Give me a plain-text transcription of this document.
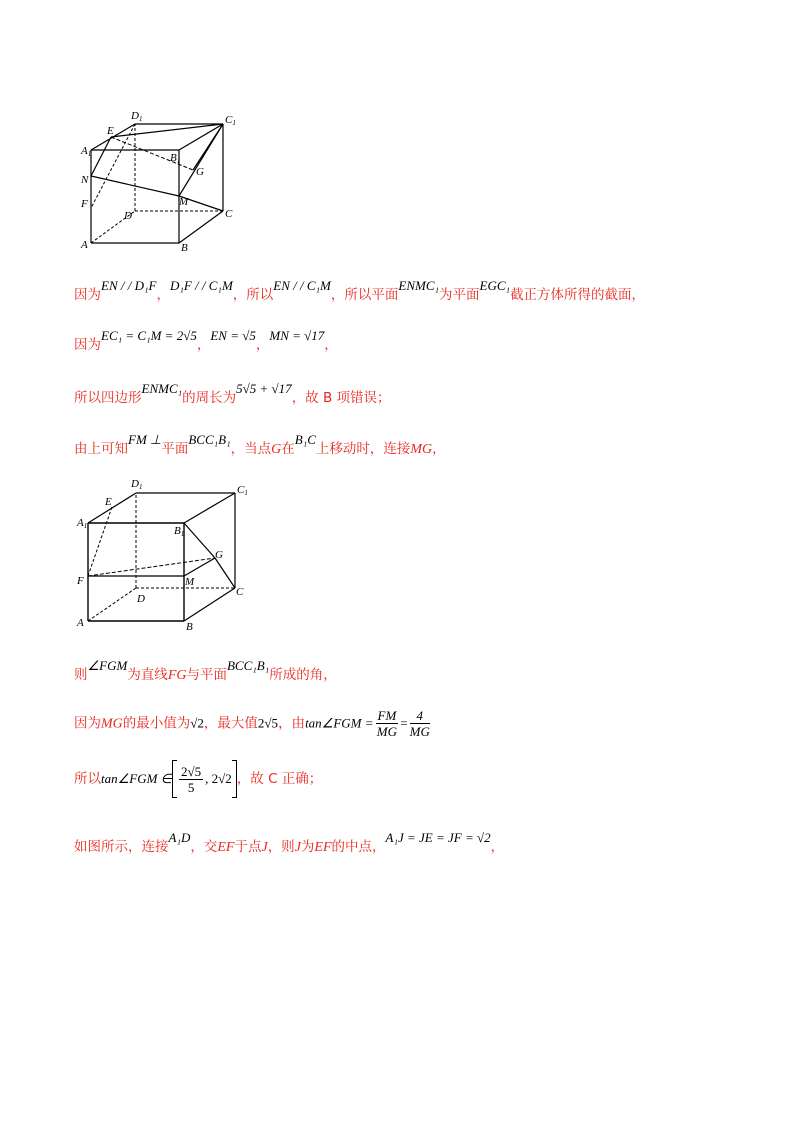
D1	C1
E
A1	B1
G
N
M
F
D	C
A	B
因为EN / / D₁F，D₁F / / C₁M，所以EN / / C₁M，所以平面ENMC₁为平面EGC₁截正方体所得的截面，
因为EC₁ = C₁M = 2√5，EN = √5，MN = √17，
所以四边形ENMC₁的周长为5√5 + √17，故 B 项错误；
由上可知FM ⊥平面BCC₁B₁，当点G在B₁C上移动时，连接MG，
D1	C1
E
A1	B1
G
M
F
D
C
A	B
则∠FGM为直线FG与平面BCC₁B₁所成的角，
因为MG的最小值为√2，最大值2√5，由tan∠FGM = $\frac{FM}{MG} = \frac{4}{MG}$
所以tan∠FGM ∈ $\frac{2√5}{5}$ , 2√2 ，故 C 正确；
如图所示，连接A₁D，交EF于点J，则J为EF的中点，A₁J = JE = JF = √2，
